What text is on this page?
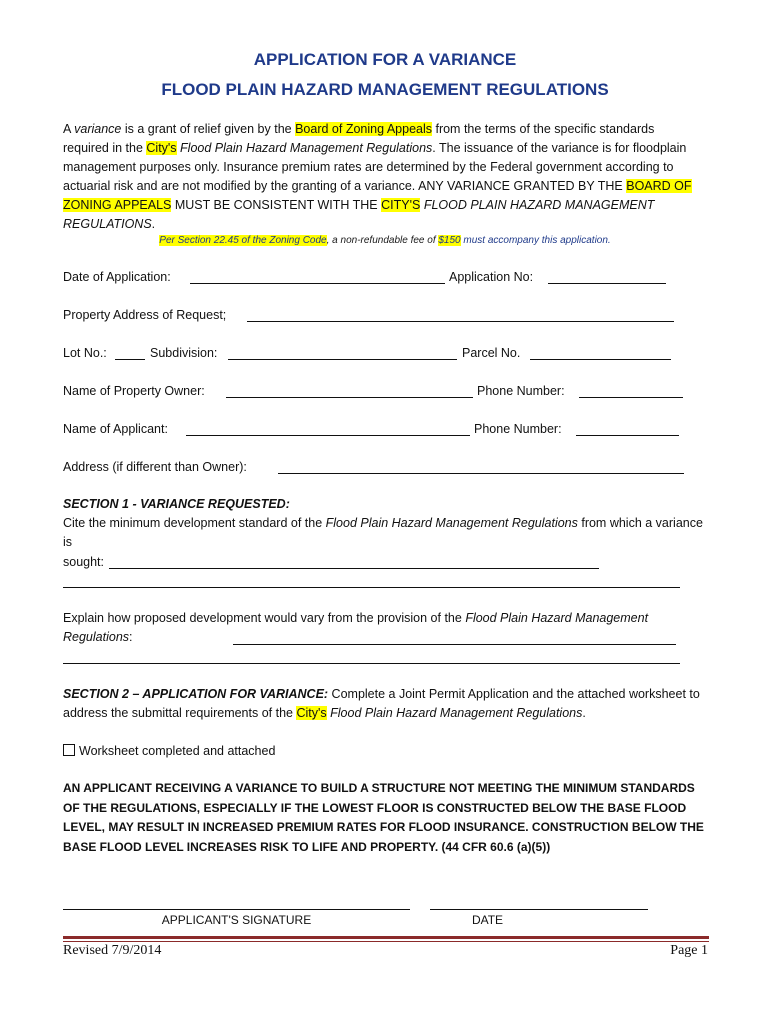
APPLICATION FOR A VARIANCE
FLOOD PLAIN HAZARD MANAGEMENT REGULATIONS
A variance is a grant of relief given by the Board of Zoning Appeals from the terms of the specific standards required in the City's Flood Plain Hazard Management Regulations. The issuance of the variance is for floodplain management purposes only. Insurance premium rates are determined by the Federal government according to actuarial risk and are not modified by the granting of a variance. ANY VARIANCE GRANTED BY THE BOARD OF ZONING APPEALS MUST BE CONSISTENT WITH THE CITY'S FLOOD PLAIN HAZARD MANAGEMENT REGULATIONS.
Per Section 22.45 of the Zoning Code, a non-refundable fee of $150 must accompany this application.
Date of Application:	Application No:
Property Address of Request;
Lot No.:	Subdivision:	Parcel No.
Name of Property Owner:	Phone Number:
Name of Applicant:	Phone Number:
Address (if different than Owner):
SECTION 1 - VARIANCE REQUESTED:
Cite the minimum development standard of the Flood Plain Hazard Management Regulations from which a variance is
sought:
Explain how proposed development would vary from the provision of the Flood Plain Hazard Management Regulations:
SECTION 2 – APPLICATION FOR VARIANCE: Complete a Joint Permit Application and the attached worksheet to address the submittal requirements of the City's Flood Plain Hazard Management Regulations.
Worksheet completed and attached
AN APPLICANT RECEIVING A VARIANCE TO BUILD A STRUCTURE NOT MEETING THE MINIMUM STANDARDS OF THE REGULATIONS, ESPECIALLY IF THE LOWEST FLOOR IS CONSTRUCTED BELOW THE BASE FLOOD LEVEL, MAY RESULT IN INCREASED PREMIUM RATES FOR FLOOD INSURANCE. CONSTRUCTION BELOW THE BASE FLOOD LEVEL INCREASES RISK TO LIFE AND PROPERTY. (44 CFR 60.6 (a)(5))
APPLICANT'S SIGNATURE	DATE
Revised 7/9/2014	Page 1
